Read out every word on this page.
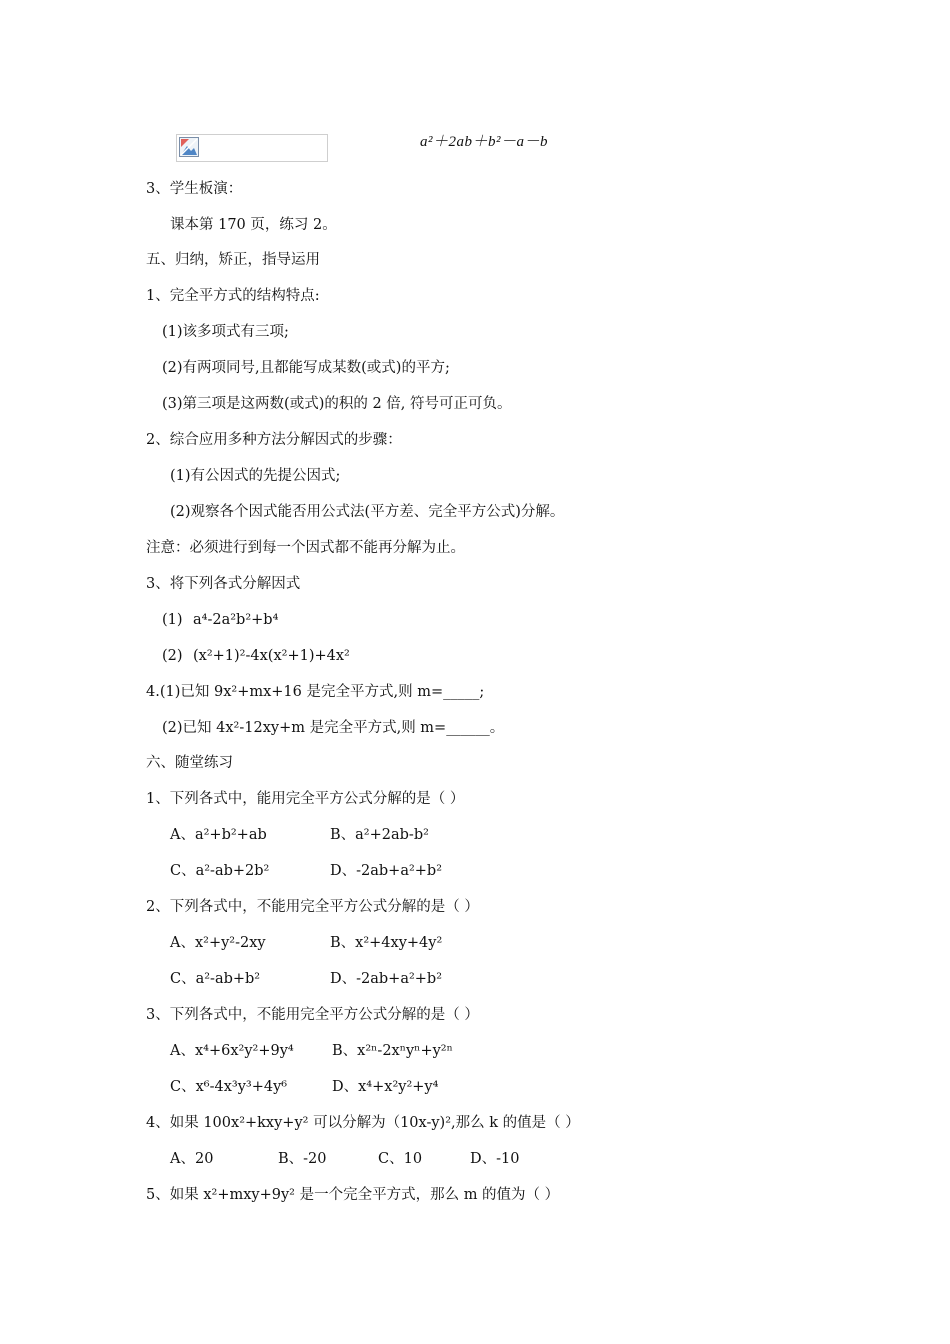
a²＋2ab＋b²－a－b
3、学生板演：
课本第 170 页，练习 2。
五、归纳，矫正，指导运用
1、完全平方式的结构特点:
(1)该多项式有三项;
(2)有两项同号,且都能写成某数(或式)的平方;
(3)第三项是这两数(或式)的积的 2 倍, 符号可正可负。
2、综合应用多种方法分解因式的步骤：
(1)有公因式的先提公因式;
(2)观察各个因式能否用公式法(平方差、完全平方公式)分解。
注意：必须进行到每一个因式都不能再分解为止。
3、将下列各式分解因式
(1) a⁴-2a²b²+b⁴
(2) (x²+1)²-4x(x²+1)+4x²
4.(1)已知 9x²+mx+16 是完全平方式,则 m=_____;
(2)已知 4x²-12xy+m 是完全平方式,则 m=______。
六、随堂练习
1、下列各式中，能用完全平方公式分解的是（ ）
A、a²+b²+ab	B、a²+2ab-b²
C、a²-ab+2b²	D、-2ab+a²+b²
2、下列各式中，不能用完全平方公式分解的是（ ）
A、x²+y²-2xy	B、x²+4xy+4y²
C、a²-ab+b²	D、-2ab+a²+b²
3、下列各式中，不能用完全平方公式分解的是（ ）
A、x⁴+6x²y²+9y⁴	B、x²ⁿ-2xⁿyⁿ+y²ⁿ
C、x⁶-4x³y³+4y⁶	D、x⁴+x²y²+y⁴
4、如果 100x²+kxy+y² 可以分解为（10x-y)²,那么 k 的值是（ ）
A、20	B、-20	C、10	D、-10
5、如果 x²+mxy+9y² 是一个完全平方式，那么 m 的值为（ ）
